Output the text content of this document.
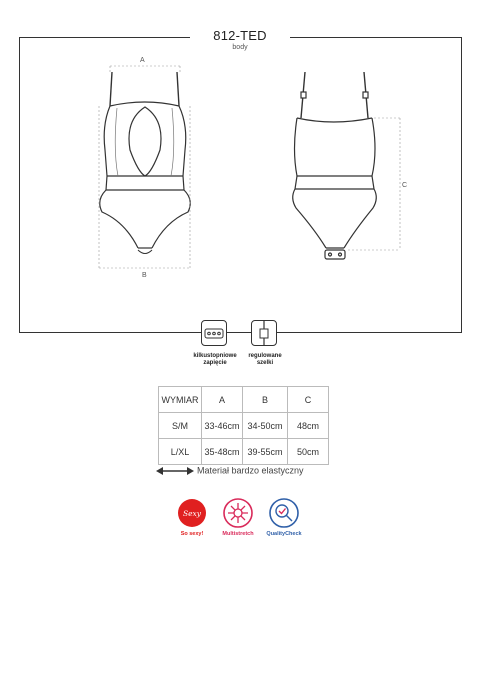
812-TED
body
Sexy
A
B
C
kilkustopniowe zapięcie
regulowane szelki
WYMIAR	A	B	C
S/M	33-46cm	34-50cm	48cm
L/XL	35-48cm	39-55cm	50cm
Materiał bardzo elastyczny
So sexy!	Multistretch	QualityCheck
